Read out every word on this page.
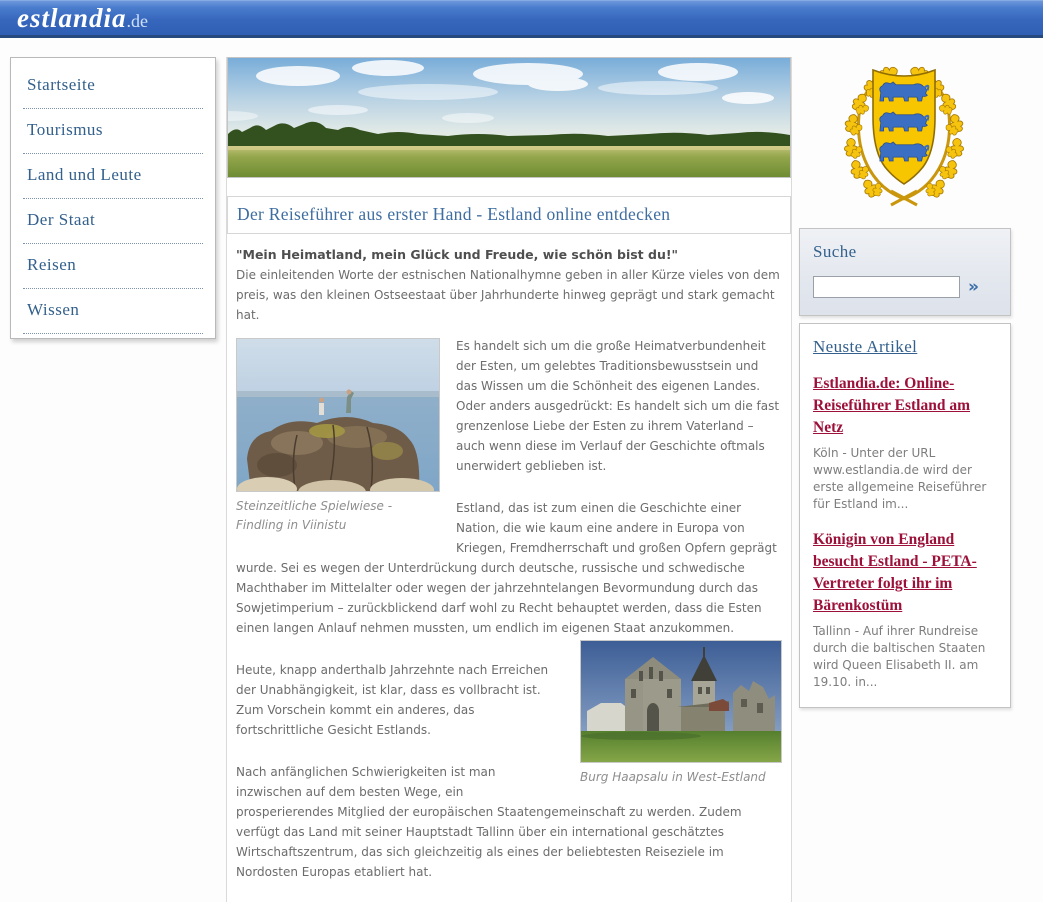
estlandia.de
Startseite
Tourismus
Land und Leute
Der Staat
Reisen
Wissen
Der Reiseführer aus erster Hand - Estland online entdecken

"Mein Heimatland, mein Glück und Freude, wie schön bist du!"
Die einleitenden Worte der estnischen Nationalhymne geben in aller Kürze vieles von dem preis, was den kleinen Ostseestaat über Jahrhunderte hinweg geprägt und stark gemacht hat.

Steinzeitliche Spielwiese - Findling in Viinistu

Es handelt sich um die große Heimatverbundenheit der Esten, um gelebtes Traditionsbewusstsein und das Wissen um die Schönheit des eigenen Landes. Oder anders ausgedrückt: Es handelt sich um die fast grenzenlose Liebe der Esten zu ihrem Vaterland – auch wenn diese im Verlauf der Geschichte oftmals unerwidert geblieben ist.

Estland, das ist zum einen die Geschichte einer Nation, die wie kaum eine andere in Europa von Kriegen, Fremdherrschaft und großen Opfern geprägt wurde. Sei es wegen der Unterdrückung durch deutsche, russische und schwedische Machthaber im Mittelalter oder wegen der jahrzehntelangen Bevormundung durch das Sowjetimperium – zurückblickend darf wohl zu Recht behauptet werden, dass die Esten einen langen Anlauf nehmen mussten, um endlich im eigenen Staat anzukommen.

Burg Haapsalu in West-Estland

Heute, knapp anderthalb Jahrzehnte nach Erreichen der Unabhängigkeit, ist klar, dass es vollbracht ist. Zum Vorschein kommt ein anderes, das fortschrittliche Gesicht Estlands.

Nach anfänglichen Schwierigkeiten ist man inzwischen auf dem besten Wege, ein prosperierendes Mitglied der europäischen Staatengemeinschaft zu werden. Zudem verfügt das Land mit seiner Hauptstadt Tallinn über ein international geschätztes Wirtschaftszentrum, das sich gleichzeitig als eines der beliebtesten Reiseziele im Nordosten Europas etabliert hat.

Suche
»
Neuste Artikel
Estlandia.de: Online-Reiseführer Estland am Netz

Köln - Unter der URL www.estlandia.de wird der erste allgemeine Reiseführer für Estland im...

Königin von England besucht Estland - PETA-Vertreter folgt ihr im Bärenkostüm

Tallinn - Auf ihrer Rundreise durch die baltischen Staaten wird Queen Elisabeth II. am 19.10. in...
